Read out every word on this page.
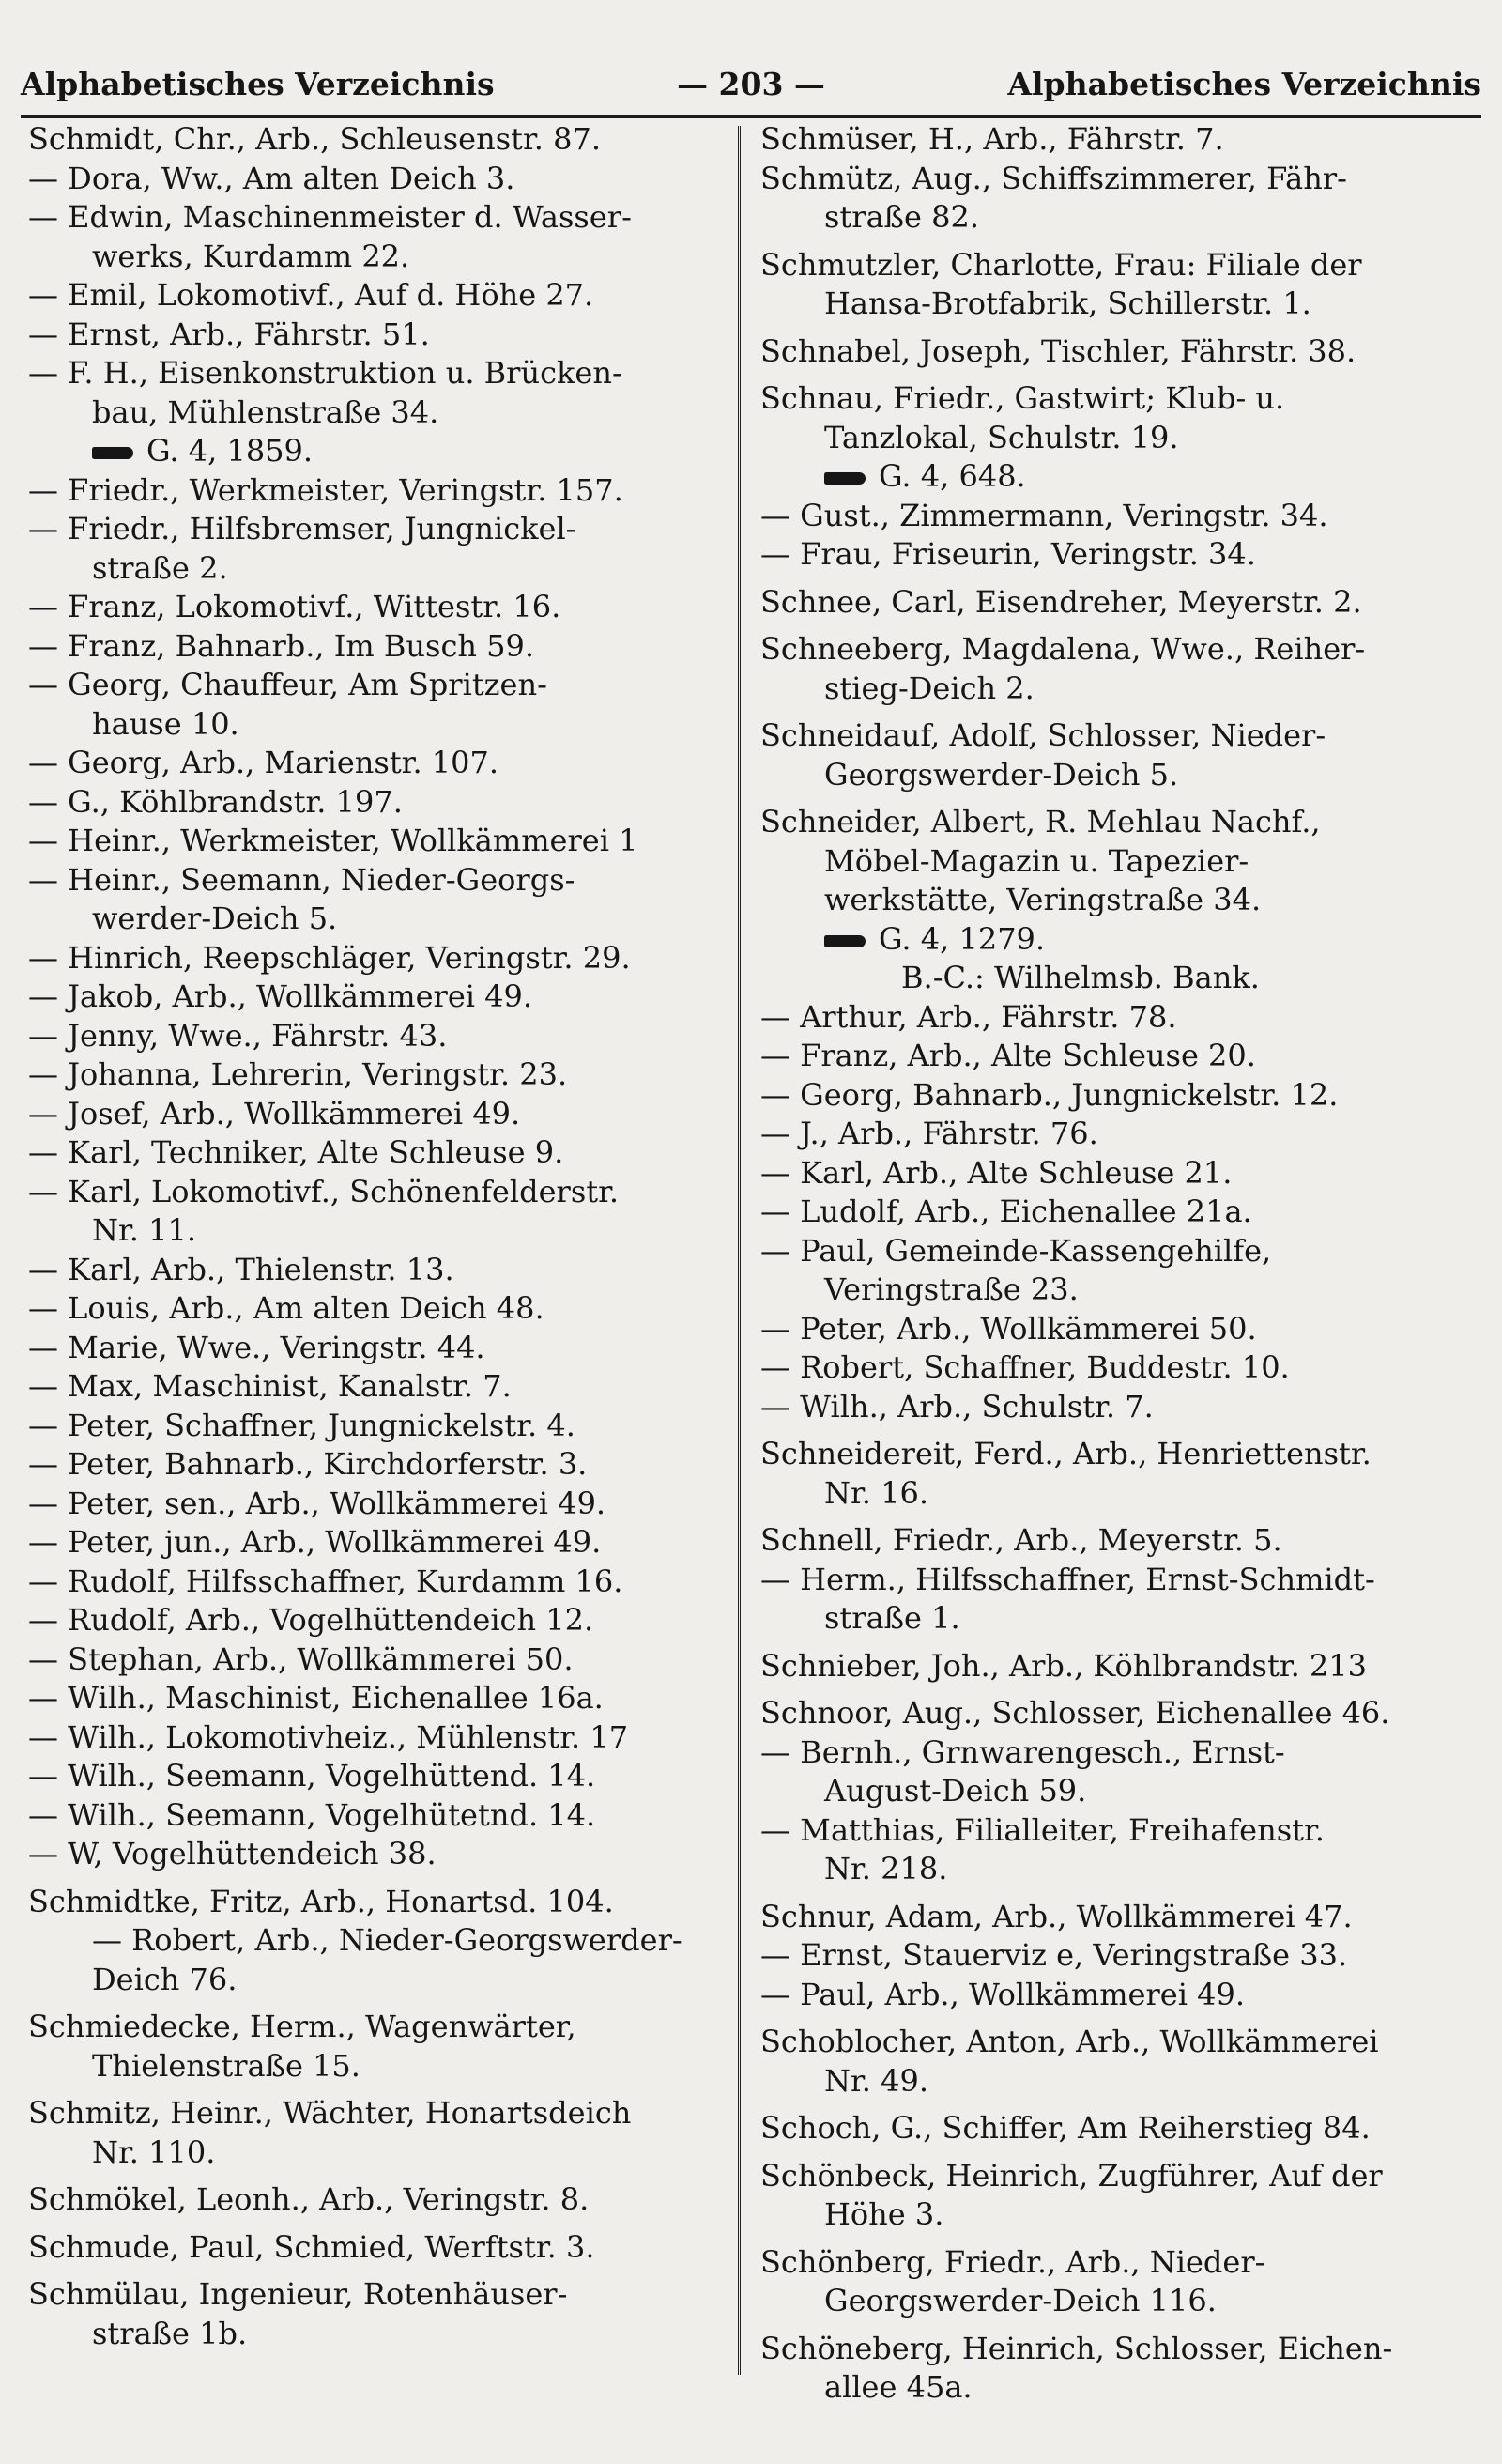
Alphabetisches Verzeichnis	— 203 —	Alphabetisches Verzeichnis
Schmidt, Chr., Arb., Schleusenstr. 87.
— Dora, Ww., Am alten Deich 3.
— Edwin, Maschinenmeister d. Wasser-
werks, Kurdamm 22.
— Emil, Lokomotivf., Auf d. Höhe 27.
— Ernst, Arb., Fährstr. 51.
— F. H., Eisenkonstruktion u. Brücken-
bau, Mühlenstraße 34.
G. 4, 1859.
— Friedr., Werkmeister, Veringstr. 157.
— Friedr., Hilfsbremser, Jungnickel-
straße 2.
— Franz, Lokomotivf., Wittestr. 16.
— Franz, Bahnarb., Im Busch 59.
— Georg, Chauffeur, Am Spritzen-
hause 10.
— Georg, Arb., Marienstr. 107.
— G., Köhlbrandstr. 197.
— Heinr., Werkmeister, Wollkämmerei 1
— Heinr., Seemann, Nieder-Georgs-
werder-Deich 5.
— Hinrich, Reepschläger, Veringstr. 29.
— Jakob, Arb., Wollkämmerei 49.
— Jenny, Wwe., Fährstr. 43.
— Johanna, Lehrerin, Veringstr. 23.
— Josef, Arb., Wollkämmerei 49.
— Karl, Techniker, Alte Schleuse 9.
— Karl, Lokomotivf., Schönenfelderstr.
Nr. 11.
— Karl, Arb., Thielenstr. 13.
— Louis, Arb., Am alten Deich 48.
— Marie, Wwe., Veringstr. 44.
— Max, Maschinist, Kanalstr. 7.
— Peter, Schaffner, Jungnickelstr. 4.
— Peter, Bahnarb., Kirchdorferstr. 3.
— Peter, sen., Arb., Wollkämmerei 49.
— Peter, jun., Arb., Wollkämmerei 49.
— Rudolf, Hilfsschaffner, Kurdamm 16.
— Rudolf, Arb., Vogelhüttendeich 12.
— Stephan, Arb., Wollkämmerei 50.
— Wilh., Maschinist, Eichenallee 16a.
— Wilh., Lokomotivheiz., Mühlenstr. 17
— Wilh., Seemann, Vogelhüttend. 14.
— Wilh., Seemann, Vogelhütetnd. 14.
— W, Vogelhüttendeich 38.
Schmidtke, Fritz, Arb., Honartsd. 104.
— Robert, Arb., Nieder-Georgswerder-
Deich 76.
Schmiedecke, Herm., Wagenwärter,
Thielenstraße 15.
Schmitz, Heinr., Wächter, Honartsdeich
Nr. 110.
Schmökel, Leonh., Arb., Veringstr. 8.
Schmude, Paul, Schmied, Werftstr. 3.
Schmülau, Ingenieur, Rotenhäuser-
straße 1b.
Schmüser, H., Arb., Fährstr. 7.
Schmütz, Aug., Schiffszimmerer, Fähr-
straße 82.
Schmutzler, Charlotte, Frau: Filiale der
Hansa-Brotfabrik, Schillerstr. 1.
Schnabel, Joseph, Tischler, Fährstr. 38.
Schnau, Friedr., Gastwirt; Klub- u.
Tanzlokal, Schulstr. 19.
G. 4, 648.
— Gust., Zimmermann, Veringstr. 34.
— Frau, Friseurin, Veringstr. 34.
Schnee, Carl, Eisendreher, Meyerstr. 2.
Schneeberg, Magdalena, Wwe., Reiher-
stieg-Deich 2.
Schneidauf, Adolf, Schlosser, Nieder-
Georgswerder-Deich 5.
Schneider, Albert, R. Mehlau Nachf.,
Möbel-Magazin u. Tapezier-
werkstätte, Veringstraße 34.
G. 4, 1279.
B.-C.: Wilhelmsb. Bank.
— Arthur, Arb., Fährstr. 78.
— Franz, Arb., Alte Schleuse 20.
— Georg, Bahnarb., Jungnickelstr. 12.
— J., Arb., Fährstr. 76.
— Karl, Arb., Alte Schleuse 21.
— Ludolf, Arb., Eichenallee 21a.
— Paul, Gemeinde-Kassengehilfe,
Veringstraße 23.
— Peter, Arb., Wollkämmerei 50.
— Robert, Schaffner, Buddestr. 10.
— Wilh., Arb., Schulstr. 7.
Schneidereit, Ferd., Arb., Henriettenstr.
Nr. 16.
Schnell, Friedr., Arb., Meyerstr. 5.
— Herm., Hilfsschaffner, Ernst-Schmidt-
straße 1.
Schnieber, Joh., Arb., Köhlbrandstr. 213
Schnoor, Aug., Schlosser, Eichenallee 46.
— Bernh., Grnwarengesch., Ernst-
August-Deich 59.
— Matthias, Filialleiter, Freihafenstr.
Nr. 218.
Schnur, Adam, Arb., Wollkämmerei 47.
— Ernst, Stauerviz e, Veringstraße 33.
— Paul, Arb., Wollkämmerei 49.
Schoblocher, Anton, Arb., Wollkämmerei
Nr. 49.
Schoch, G., Schiffer, Am Reiherstieg 84.
Schönbeck, Heinrich, Zugführer, Auf der
Höhe 3.
Schönberg, Friedr., Arb., Nieder-
Georgswerder-Deich 116.
Schöneberg, Heinrich, Schlosser, Eichen-
allee 45a.
